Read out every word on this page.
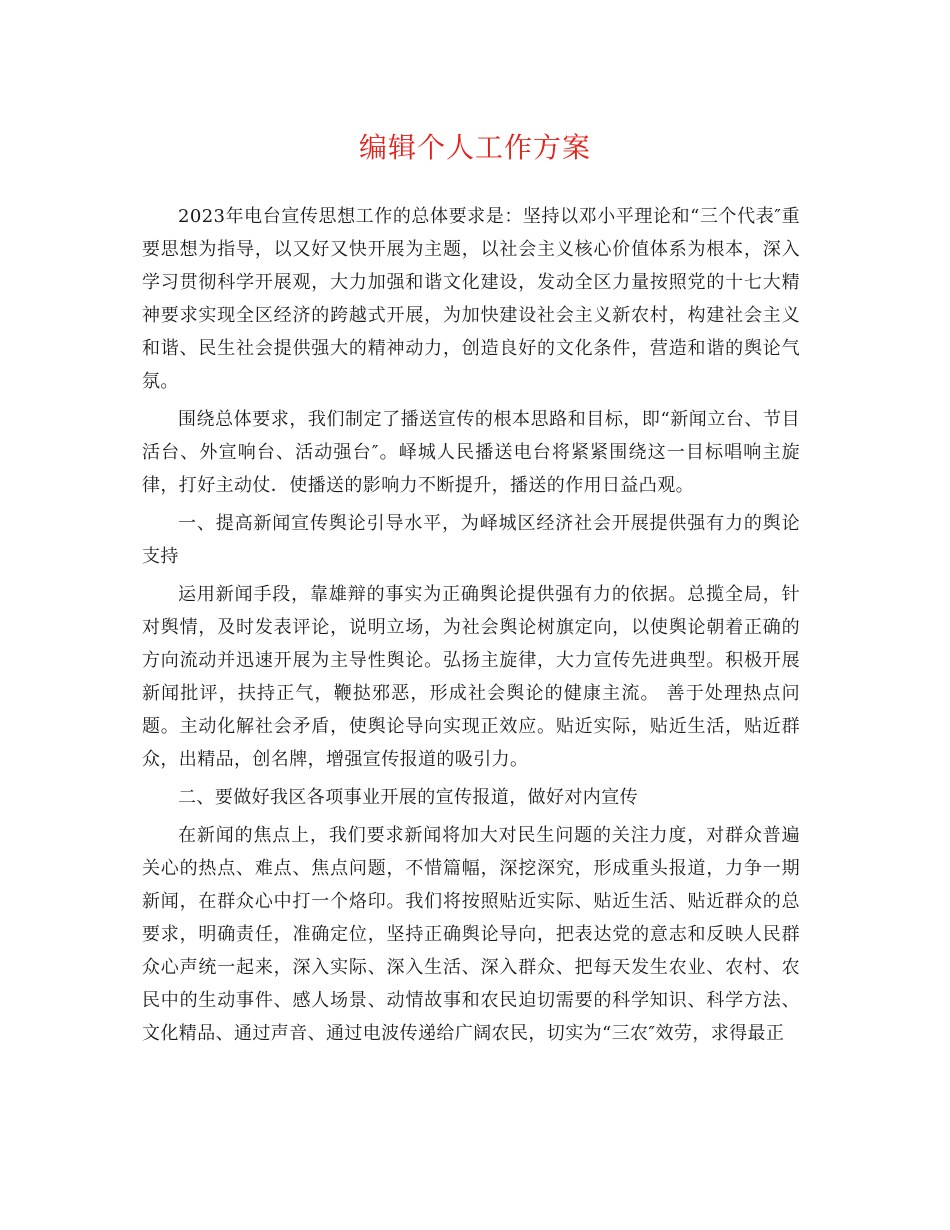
编辑个人工作方案

2023年电台宣传思想工作的总体要求是：坚持以邓小平理论和“三个代表″重要思想为指导，以又好又快开展为主题，以社会主义核心价值体系为根本，深入学习贯彻科学开展观，大力加强和谐文化建设，发动全区力量按照党的十七大精神要求实现全区经济的跨越式开展，为加快建设社会主义新农村，构建社会主义和谐、民生社会提供强大的精神动力，创造良好的文化条件，营造和谐的舆论气氛。

围绕总体要求，我们制定了播送宣传的根本思路和目标，即“新闻立台、节目活台、外宣响台、活动强台″。峄城人民播送电台将紧紧围绕这一目标唱响主旋律，打好主动仗．使播送的影响力不断提升，播送的作用日益凸观。

一、提高新闻宣传舆论引导水平，为峄城区经济社会开展提供强有力的舆论支持

运用新闻手段，靠雄辩的事实为正确舆论提供强有力的依据。总揽全局，针对舆情，及时发表评论，说明立场，为社会舆论树旗定向，以使舆论朝着正确的方向流动并迅速开展为主导性舆论。弘扬主旋律，大力宣传先进典型。积极开展新闻批评，扶持正气，鞭挞邪恶，形成社会舆论的健康主流。 善于处理热点问题。主动化解社会矛盾，使舆论导向实现正效应。贴近实际，贴近生活，贴近群众，出精品，创名牌，增强宣传报道的吸引力。

二、要做好我区各项事业开展的宣传报道，做好对内宣传

在新闻的焦点上，我们要求新闻将加大对民生问题的关注力度，对群众普遍关心的热点、难点、焦点问题，不惜篇幅，深挖深究，形成重头报道，力争一期新闻，在群众心中打一个烙印。我们将按照贴近实际、贴近生活、贴近群众的总要求，明确责任，准确定位，坚持正确舆论导向，把表达党的意志和反映人民群众心声统一起来，深入实际、深入生活、深入群众、把每天发生农业、农村、农民中的生动事件、感人场景、动情故事和农民迫切需要的科学知识、科学方法、文化精品、通过声音、通过电波传递给广阔农民，切实为“三农″效劳，求得最正
